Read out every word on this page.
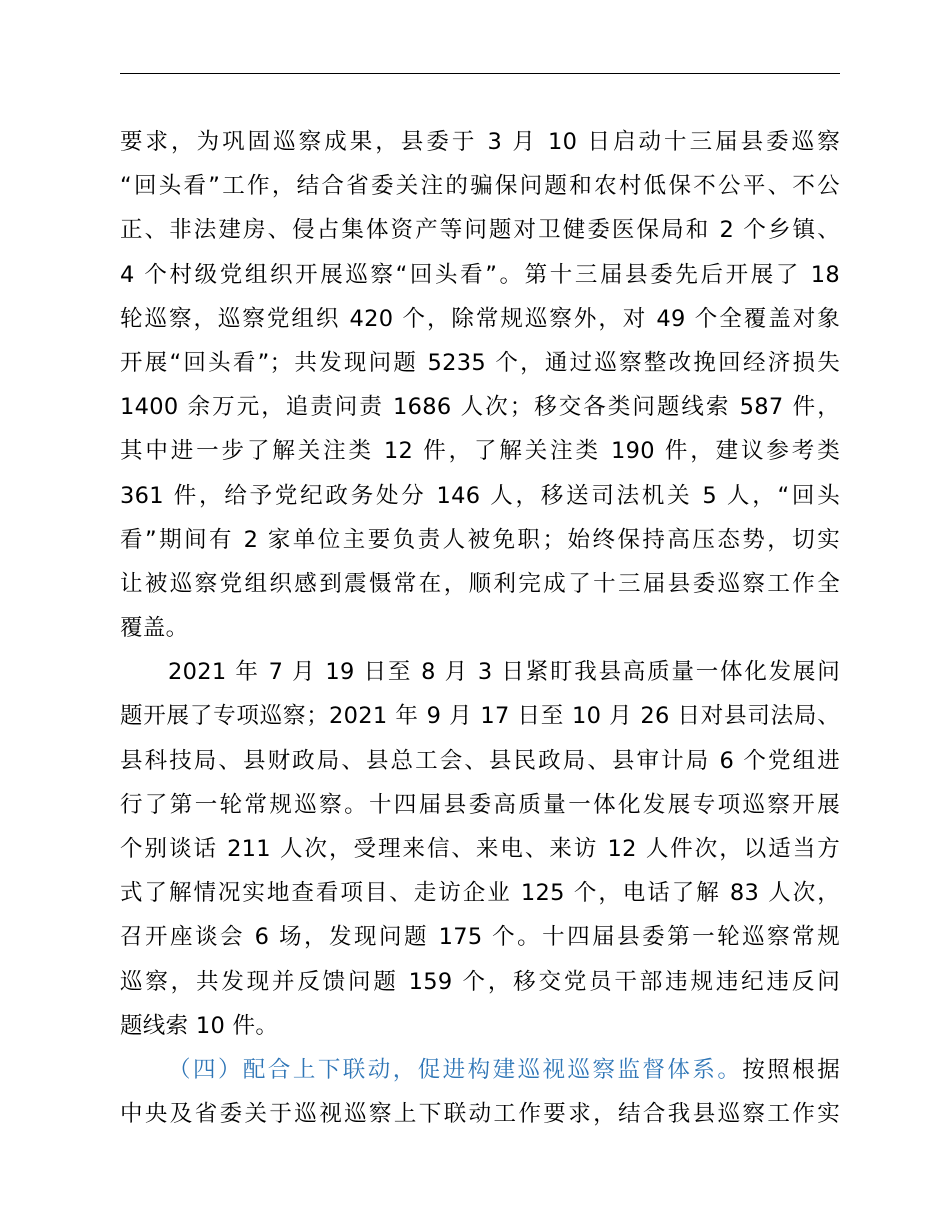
要求，为巩固巡察成果，县委于 3 月 10 日启动十三届县委巡察
“回头看”工作，结合省委关注的骗保问题和农村低保不公平、不公
正、非法建房、侵占集体资产等问题对卫健委医保局和 2 个乡镇、
4 个村级党组织开展巡察“回头看”。第十三届县委先后开展了 18
轮巡察，巡察党组织 420 个，除常规巡察外，对 49 个全覆盖对象
开展“回头看”；共发现问题 5235 个，通过巡察整改挽回经济损失
1400 余万元，追责问责 1686 人次；移交各类问题线索 587 件，
其中进一步了解关注类 12 件，了解关注类 190 件，建议参考类
361 件，给予党纪政务处分 146 人，移送司法机关 5 人，“回头
看”期间有 2 家单位主要负责人被免职；始终保持高压态势，切实
让被巡察党组织感到震慑常在，顺利完成了十三届县委巡察工作全
覆盖。
2021 年 7 月 19 日至 8 月 3 日紧盯我县高质量一体化发展问
题开展了专项巡察；2021 年 9 月 17 日至 10 月 26 日对县司法局、
县科技局、县财政局、县总工会、县民政局、县审计局 6 个党组进
行了第一轮常规巡察。十四届县委高质量一体化发展专项巡察开展
个别谈话 211 人次，受理来信、来电、来访 12 人件次，以适当方
式了解情况实地查看项目、走访企业 125 个，电话了解 83 人次，
召开座谈会 6 场，发现问题 175 个。十四届县委第一轮巡察常规
巡察，共发现并反馈问题 159 个，移交党员干部违规违纪违反问
题线索 10 件。
（四）配合上下联动，促进构建巡视巡察监督体系。按照根据
中央及省委关于巡视巡察上下联动工作要求，结合我县巡察工作实
